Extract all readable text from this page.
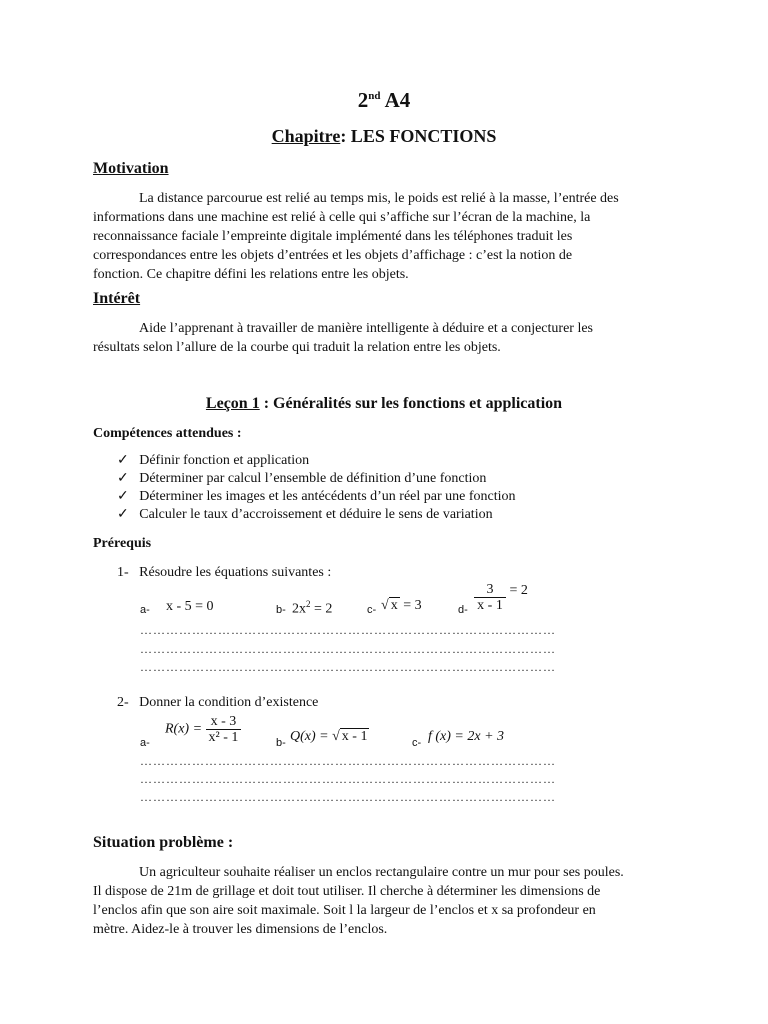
2nd A4
Chapitre: LES FONCTIONS
Motivation
La distance parcourue est relié au temps mis, le poids est relié à la masse, l’entrée des
informations dans une machine est relié à celle qui s’affiche sur l’écran de la machine, la
reconnaissance faciale l’empreinte digitale implémenté dans les téléphones traduit les
correspondances entre les objets d’entrées et les objets d’affichage : c’est la notion de
fonction. Ce chapitre défini les relations entre les objets.
Intérêt
Aide l’apprenant à travailler de manière intelligente à déduire et a conjecturer les
résultats selon l’allure de la courbe qui traduit la relation entre les objets.
Leçon 1 : Généralités sur les fonctions et application
Compétences attendues :
✓ Définir fonction et application
✓ Déterminer par calcul l’ensemble de définition d’une fonction
✓ Déterminer les images et les antécédents d’un réel par une fonction
✓ Calculer le taux d’accroissement et déduire le sens de variation
Prérequis
1- Résoudre les équations suivantes :
a- x - 5 = 0	b- $2x^2 = 2$	c- √ x = 3	$d- \frac{3}{x - 1} = 2$
……………………………………………………………………………………
……………………………………………………………………………………
……………………………………………………………………………………
2- Donner la condition d’existence
a-
$R(x) = \frac{x - 3}{\text{x² - 1}}$	b- Q(x) = √ x - 1	c- f (x) = 2x + 3
……………………………………………………………………………………
……………………………………………………………………………………
……………………………………………………………………………………
Situation problème :
Un agriculteur souhaite réaliser un enclos rectangulaire contre un mur pour ses poules.
Il dispose de 21m de grillage et doit tout utiliser. Il cherche à déterminer les dimensions de
l’enclos afin que son aire soit maximale. Soit l la largeur de l’enclos et x sa profondeur en
mètre. Aidez-le à trouver les dimensions de l’enclos.
